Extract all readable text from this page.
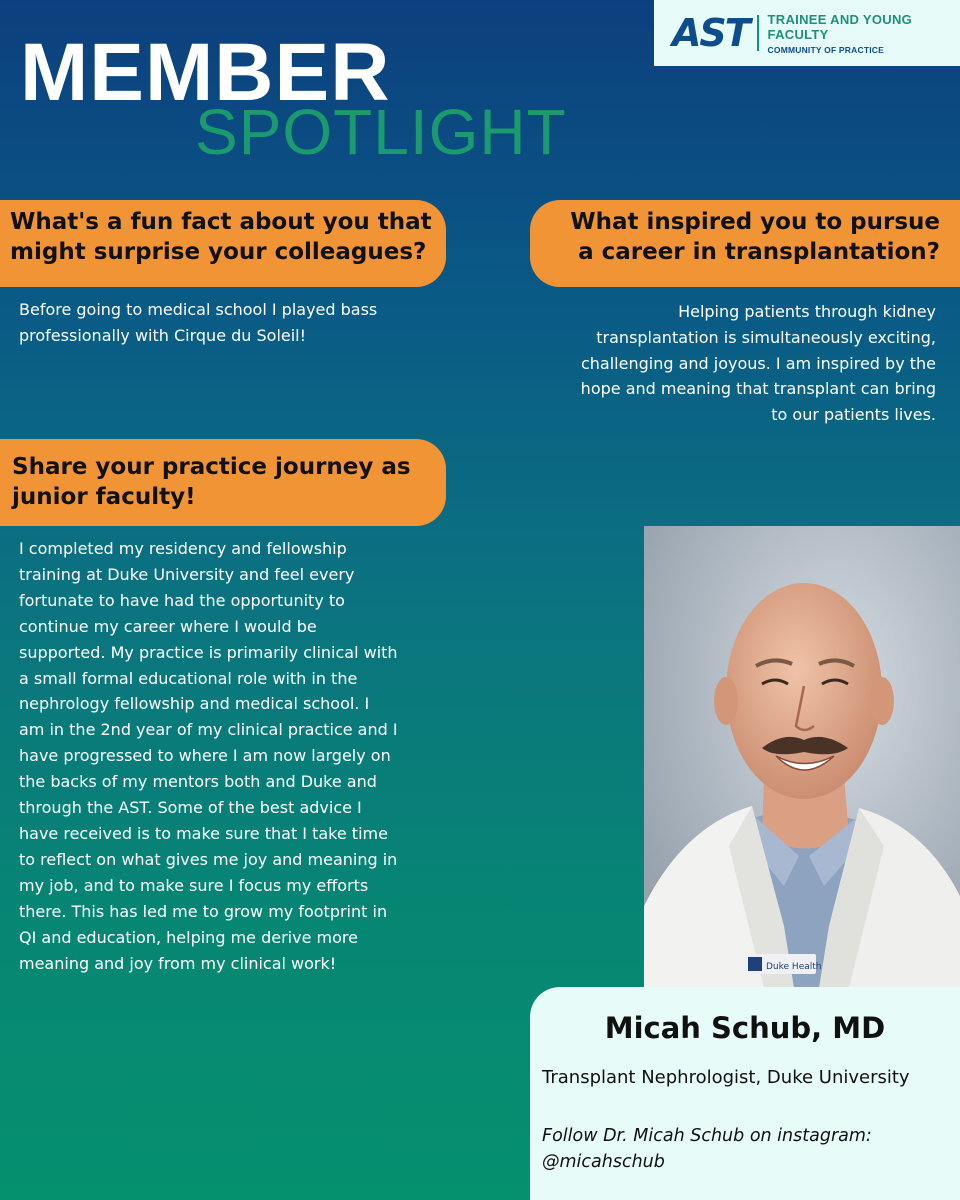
AST TRAINEE AND YOUNG FACULTY
COMMUNITY OF PRACTICE
MEMBER
SPOTLIGHT
What's a fun fact about you that
might surprise your colleagues?
Before going to medical school I played bass
professionally with Cirque du Soleil!
What inspired you to pursue
a career in transplantation?
Helping patients through kidney
transplantation is simultaneously exciting,
challenging and joyous. I am inspired by the
hope and meaning that transplant can bring
to our patients lives.
Share your practice journey as
junior faculty!
I completed my residency and fellowship
training at Duke University and feel every
fortunate to have had the opportunity to
continue my career where I would be
supported. My practice is primarily clinical with
a small formal educational role with in the
nephrology fellowship and medical school. I
am in the 2nd year of my clinical practice and I
have progressed to where I am now largely on
the backs of my mentors both and Duke and
through the AST. Some of the best advice I
have received is to make sure that I take time
to reflect on what gives me joy and meaning in
my job, and to make sure I focus my efforts
there. This has led me to grow my footprint in
QI and education, helping me derive more
meaning and joy from my clinical work!	Duke Health
Micah Schub, MD
Transplant Nephrologist, Duke University
Follow Dr. Micah Schub on instagram:
@micahschub
